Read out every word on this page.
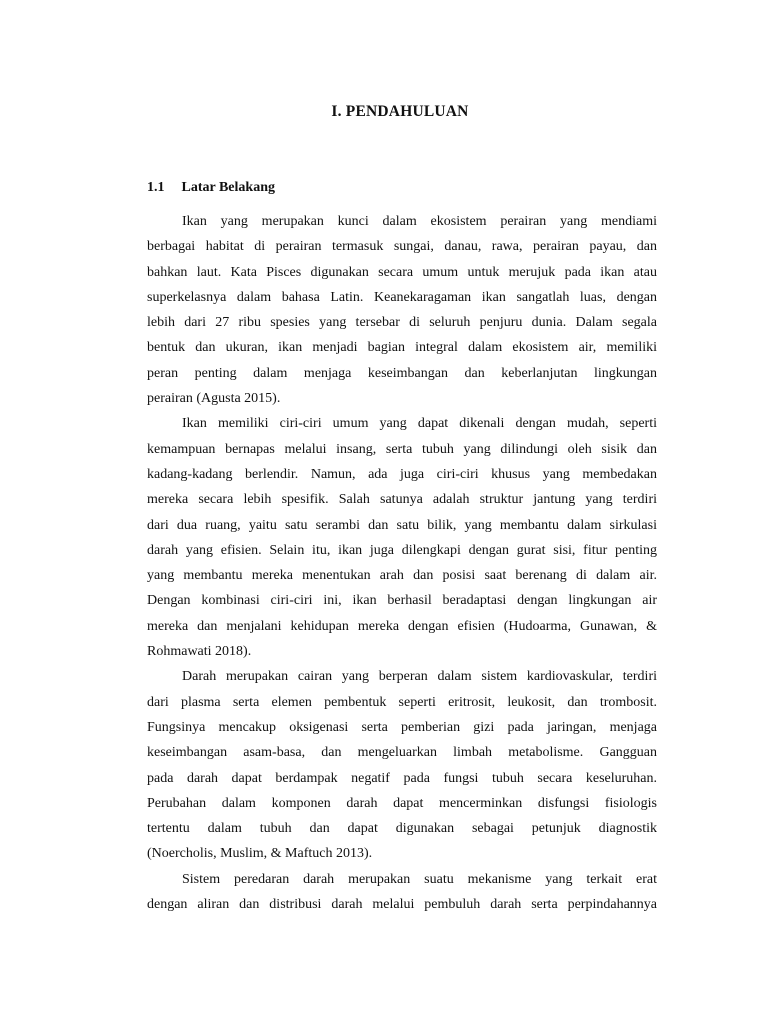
I. PENDAHULUAN
1.1 Latar Belakang
Ikan yang merupakan kunci dalam ekosistem perairan yang mendiami
berbagai habitat di perairan termasuk sungai, danau, rawa, perairan payau, dan
bahkan laut. Kata Pisces digunakan secara umum untuk merujuk pada ikan atau
superkelasnya dalam bahasa Latin. Keanekaragaman ikan sangatlah luas, dengan
lebih dari 27 ribu spesies yang tersebar di seluruh penjuru dunia. Dalam segala
bentuk dan ukuran, ikan menjadi bagian integral dalam ekosistem air, memiliki
peran penting dalam menjaga keseimbangan dan keberlanjutan lingkungan
perairan (Agusta 2015).
Ikan memiliki ciri-ciri umum yang dapat dikenali dengan mudah, seperti
kemampuan bernapas melalui insang, serta tubuh yang dilindungi oleh sisik dan
kadang-kadang berlendir. Namun, ada juga ciri-ciri khusus yang membedakan
mereka secara lebih spesifik. Salah satunya adalah struktur jantung yang terdiri
dari dua ruang, yaitu satu serambi dan satu bilik, yang membantu dalam sirkulasi
darah yang efisien. Selain itu, ikan juga dilengkapi dengan gurat sisi, fitur penting
yang membantu mereka menentukan arah dan posisi saat berenang di dalam air.
Dengan kombinasi ciri-ciri ini, ikan berhasil beradaptasi dengan lingkungan air
mereka dan menjalani kehidupan mereka dengan efisien (Hudoarma, Gunawan, &
Rohmawati 2018).
Darah merupakan cairan yang berperan dalam sistem kardiovaskular, terdiri
dari plasma serta elemen pembentuk seperti eritrosit, leukosit, dan trombosit.
Fungsinya mencakup oksigenasi serta pemberian gizi pada jaringan, menjaga
keseimbangan asam-basa, dan mengeluarkan limbah metabolisme. Gangguan
pada darah dapat berdampak negatif pada fungsi tubuh secara keseluruhan.
Perubahan dalam komponen darah dapat mencerminkan disfungsi fisiologis
tertentu dalam tubuh dan dapat digunakan sebagai petunjuk diagnostik
(Noercholis, Muslim, & Maftuch 2013).
Sistem peredaran darah merupakan suatu mekanisme yang terkait erat
dengan aliran dan distribusi darah melalui pembuluh darah serta perpindahannya
